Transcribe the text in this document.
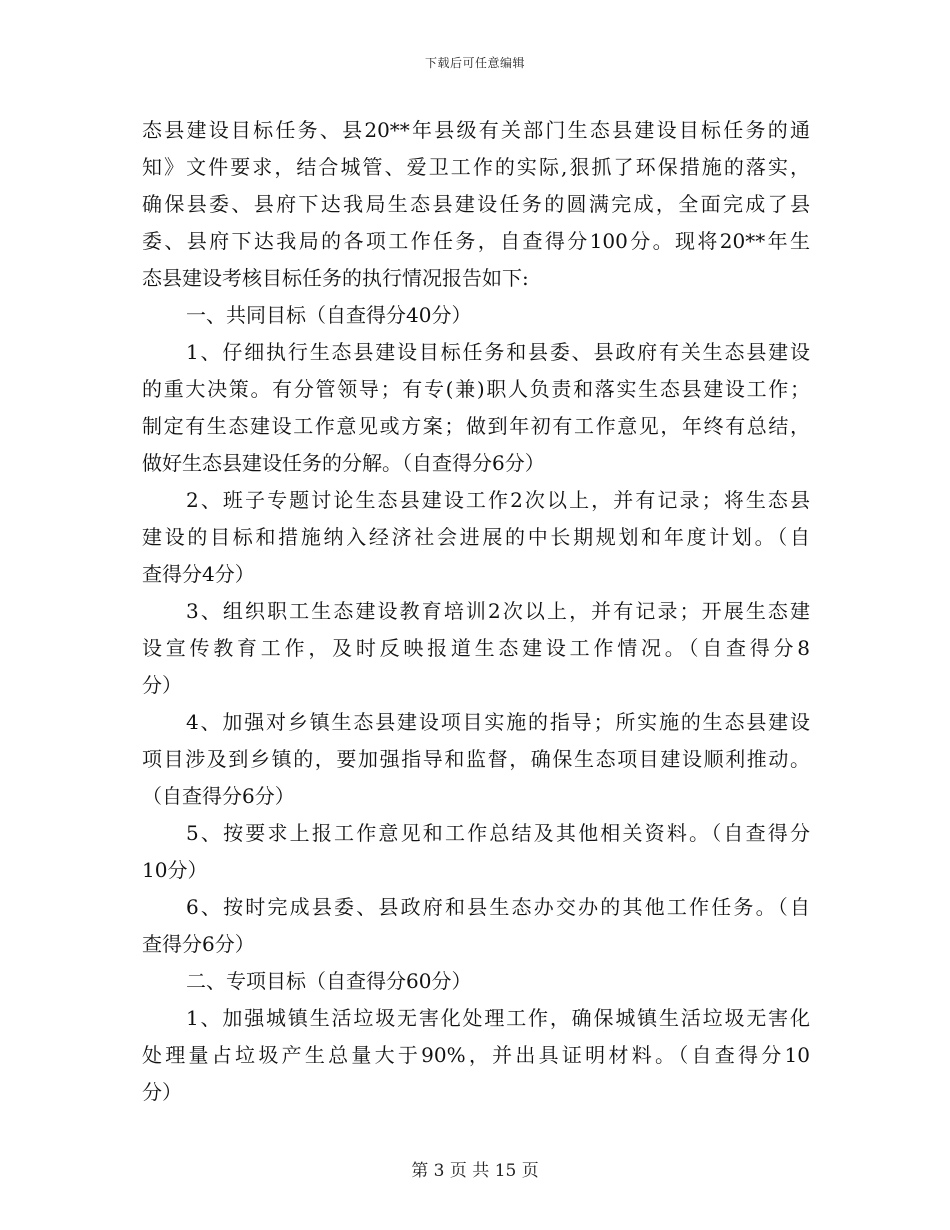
下载后可任意编辑
态县建设目标任务、县20**年县级有关部门生态县建设目标任务的通
知》文件要求，结合城管、爱卫工作的实际,狠抓了环保措施的落实，
确保县委、县府下达我局生态县建设任务的圆满完成，全面完成了县
委、县府下达我局的各项工作任务，自查得分100分。现将20**年生
态县建设考核目标任务的执行情况报告如下:
一、共同目标（自查得分40分）
1、仔细执行生态县建设目标任务和县委、县政府有关生态县建设
的重大决策。有分管领导；有专(兼)职人负责和落实生态县建设工作；
制定有生态建设工作意见或方案；做到年初有工作意见，年终有总结，
做好生态县建设任务的分解。（自查得分6分）
2、班子专题讨论生态县建设工作2次以上，并有记录；将生态县
建设的目标和措施纳入经济社会进展的中长期规划和年度计划。（自
查得分4分）
3、组织职工生态建设教育培训2次以上，并有记录；开展生态建
设宣传教育工作，及时反映报道生态建设工作情况。（自查得分8
分）
4、加强对乡镇生态县建设项目实施的指导；所实施的生态县建设
项目涉及到乡镇的，要加强指导和监督，确保生态项目建设顺利推动。
（自查得分6分）
5、按要求上报工作意见和工作总结及其他相关资料。（自查得分
10分）
6、按时完成县委、县政府和县生态办交办的其他工作任务。（自
查得分6分）
二、专项目标（自查得分60分）
1、加强城镇生活垃圾无害化处理工作，确保城镇生活垃圾无害化
处理量占垃圾产生总量大于90%，并出具证明材料。（自查得分10
分）
第 3 页 共 15 页
